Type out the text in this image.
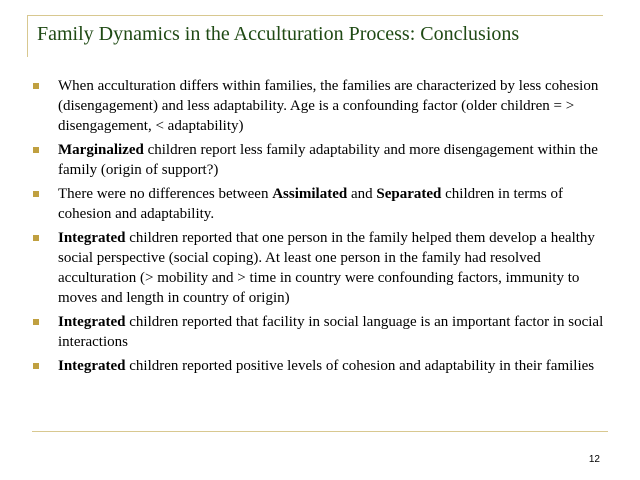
Family Dynamics in the Acculturation Process: Conclusions
When acculturation differs within families, the families are characterized by less cohesion (disengagement) and less adaptability. Age is a confounding factor (older children = > disengagement, < adaptability)
Marginalized children report less family adaptability and more disengagement within the family (origin of support?)
There were no differences between Assimilated and Separated children in terms of cohesion and adaptability.
Integrated children reported that one person in the family helped them develop a healthy social perspective (social coping). At least one person in the family had resolved acculturation (> mobility and > time in country were confounding factors, immunity to moves and length in country of origin)
Integrated children reported that facility in social language is an important factor in social interactions
Integrated children reported positive levels of cohesion and adaptability in their families
12
